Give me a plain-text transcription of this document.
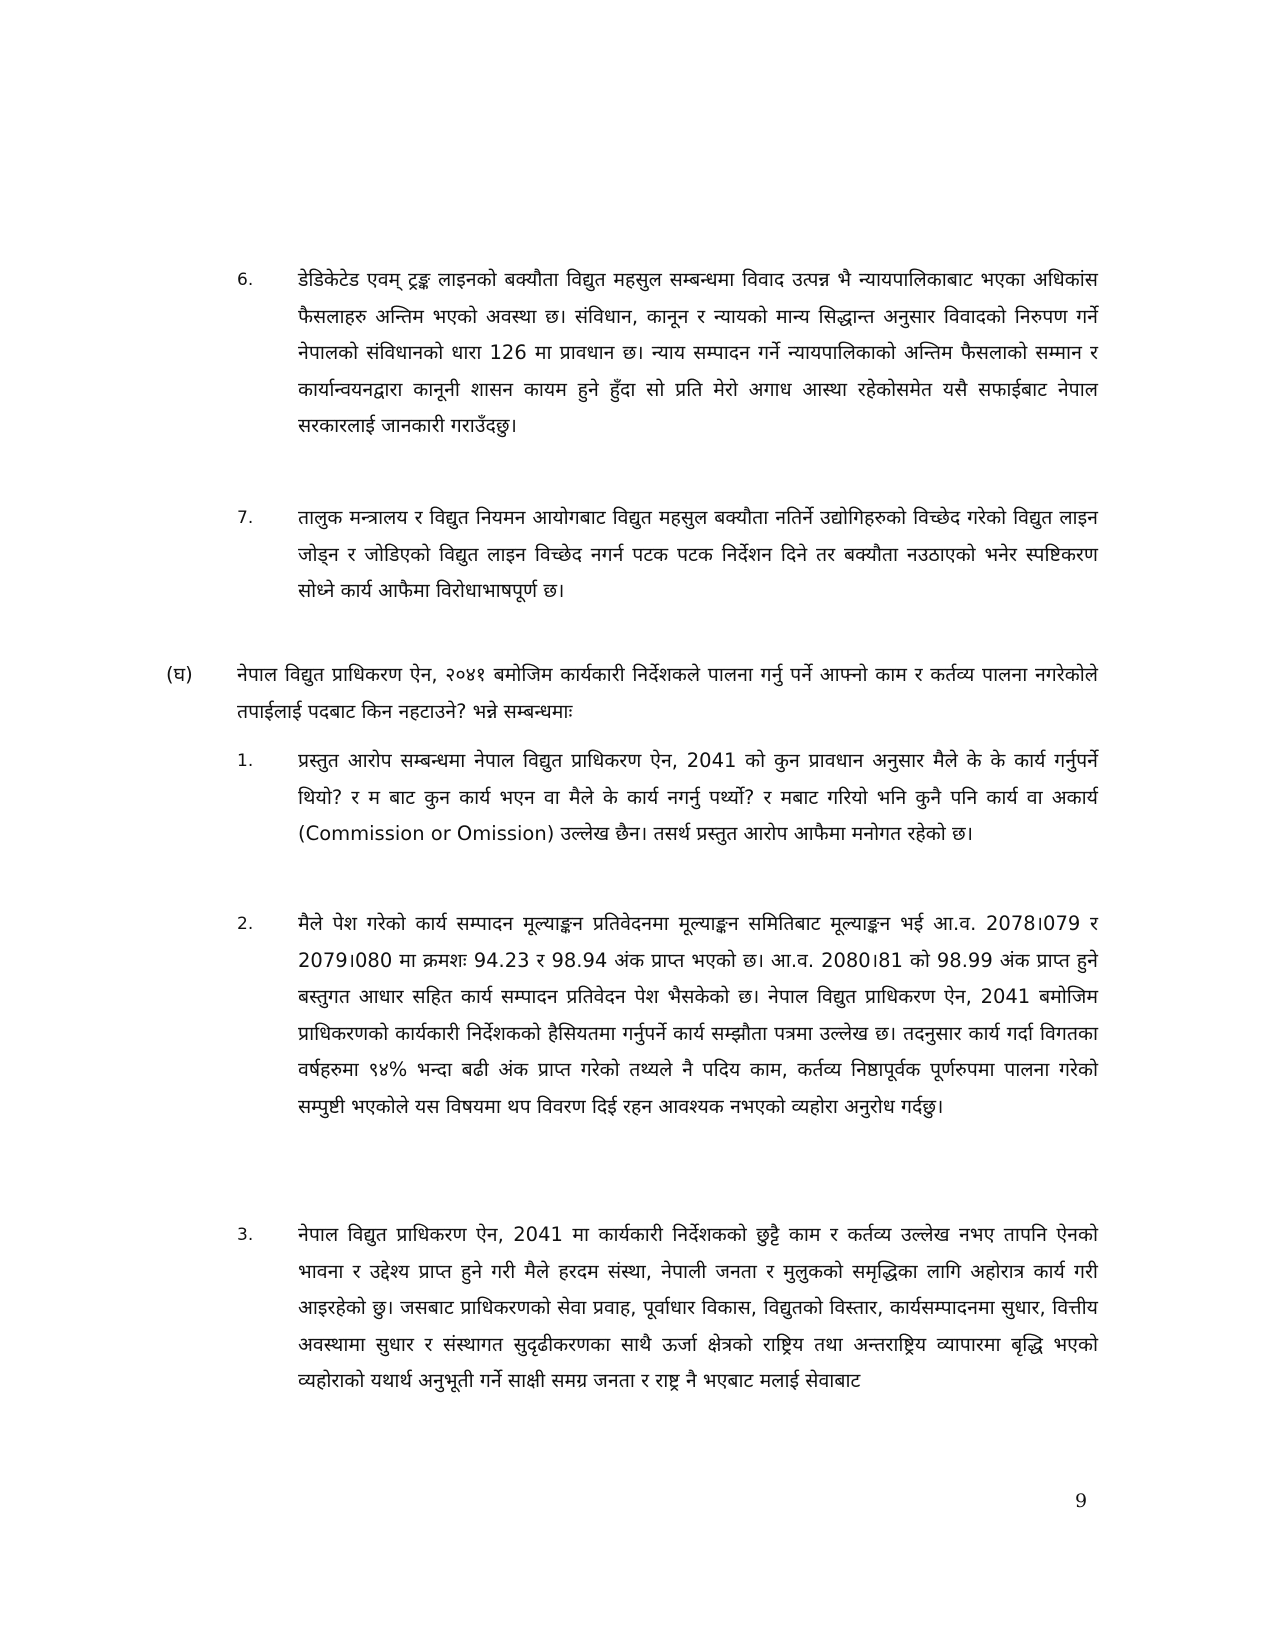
6. डेडिकेटेड एवम् ट्रङ्क लाइनको बक्यौता विद्युत महसुल सम्बन्धमा विवाद उत्पन्न भै न्यायपालिकाबाट भएका अधिकांस फैसलाहरु अन्तिम भएको अवस्था छ। संविधान, कानून र न्यायको मान्य सिद्धान्त अनुसार विवादको निरुपण गर्ने नेपालको संविधानको धारा 126 मा प्रावधान छ। न्याय सम्पादन गर्ने न्यायपालिकाको अन्तिम फैसलाको सम्मान र कार्यान्वयनद्वारा कानूनी शासन कायम हुने हुँदा सो प्रति मेरो अगाध आस्था रहेकोसमेत यसै सफाईबाट नेपाल सरकारलाई जानकारी गराउँदछु।

7. तालुक मन्त्रालय र विद्युत नियमन आयोगबाट विद्युत महसुल बक्यौता नतिर्ने उद्योगिहरुको विच्छेद गरेको विद्युत लाइन जोड्न र जोडिएको विद्युत लाइन विच्छेद नगर्न पटक पटक निर्देशन दिने तर बक्यौता नउठाएको भनेर स्पष्टिकरण सोध्ने कार्य आफैमा विरोधाभाषपूर्ण छ।

(घ) नेपाल विद्युत प्राधिकरण ऐन, २०४१ बमोजिम कार्यकारी निर्देशकले पालना गर्नु पर्ने आफ्नो काम र कर्तव्य पालना नगरेकोले तपाईलाई पदबाट किन नहटाउने? भन्ने सम्बन्धमाः

1. प्रस्तुत आरोप सम्बन्धमा नेपाल विद्युत प्राधिकरण ऐन, 2041 को कुन प्रावधान अनुसार मैले के के कार्य गर्नुपर्ने थियो? र म बाट कुन कार्य भएन वा मैले के कार्य नगर्नु पर्थ्यो? र मबाट गरियो भनि कुनै पनि कार्य वा अकार्य (Commission or Omission) उल्लेख छैन। तसर्थ प्रस्तुत आरोप आफैमा मनोगत रहेको छ।

2. मैले पेश गरेको कार्य सम्पादन मूल्याङ्कन प्रतिवेदनमा मूल्याङ्कन समितिबाट मूल्याङ्कन भई आ.व. 2078।079 र 2079।080 मा क्रमशः 94.23 र 98.94 अंक प्राप्त भएको छ। आ.व. 2080।81 को 98.99 अंक प्राप्त हुने बस्तुगत आधार सहित कार्य सम्पादन प्रतिवेदन पेश भैसकेको छ। नेपाल विद्युत प्राधिकरण ऐन, 2041 बमोजिम प्राधिकरणको कार्यकारी निर्देशकको हैसियतमा गर्नुपर्ने कार्य सम्झौता पत्रमा उल्लेख छ। तदनुसार कार्य गर्दा विगतका वर्षहरुमा ९४% भन्दा बढी अंक प्राप्त गरेको तथ्यले नै पदिय काम, कर्तव्य निष्ठापूर्वक पूर्णरुपमा पालना गरेको सम्पुष्टी भएकोले यस विषयमा थप विवरण दिई रहन आवश्यक नभएको व्यहोरा अनुरोध गर्दछु।

3. नेपाल विद्युत प्राधिकरण ऐन, 2041 मा कार्यकारी निर्देशकको छुट्टै काम र कर्तव्य उल्लेख नभए तापनि ऐनको भावना र उद्देश्य प्राप्त हुने गरी मैले हरदम संस्था, नेपाली जनता र मुलुकको समृद्धिका लागि अहोरात्र कार्य गरी आइरहेको छु। जसबाट प्राधिकरणको सेवा प्रवाह, पूर्वाधार विकास, विद्युतको विस्तार, कार्यसम्पादनमा सुधार, वित्तीय अवस्थामा सुधार र संस्थागत सुदृढीकरणका साथै ऊर्जा क्षेत्रको राष्ट्रिय तथा अन्तराष्ट्रिय व्यापारमा बृद्धि भएको व्यहोराको यथार्थ अनुभूती गर्ने साक्षी समग्र जनता र राष्ट्र नै भएबाट मलाई सेवाबाट

9
